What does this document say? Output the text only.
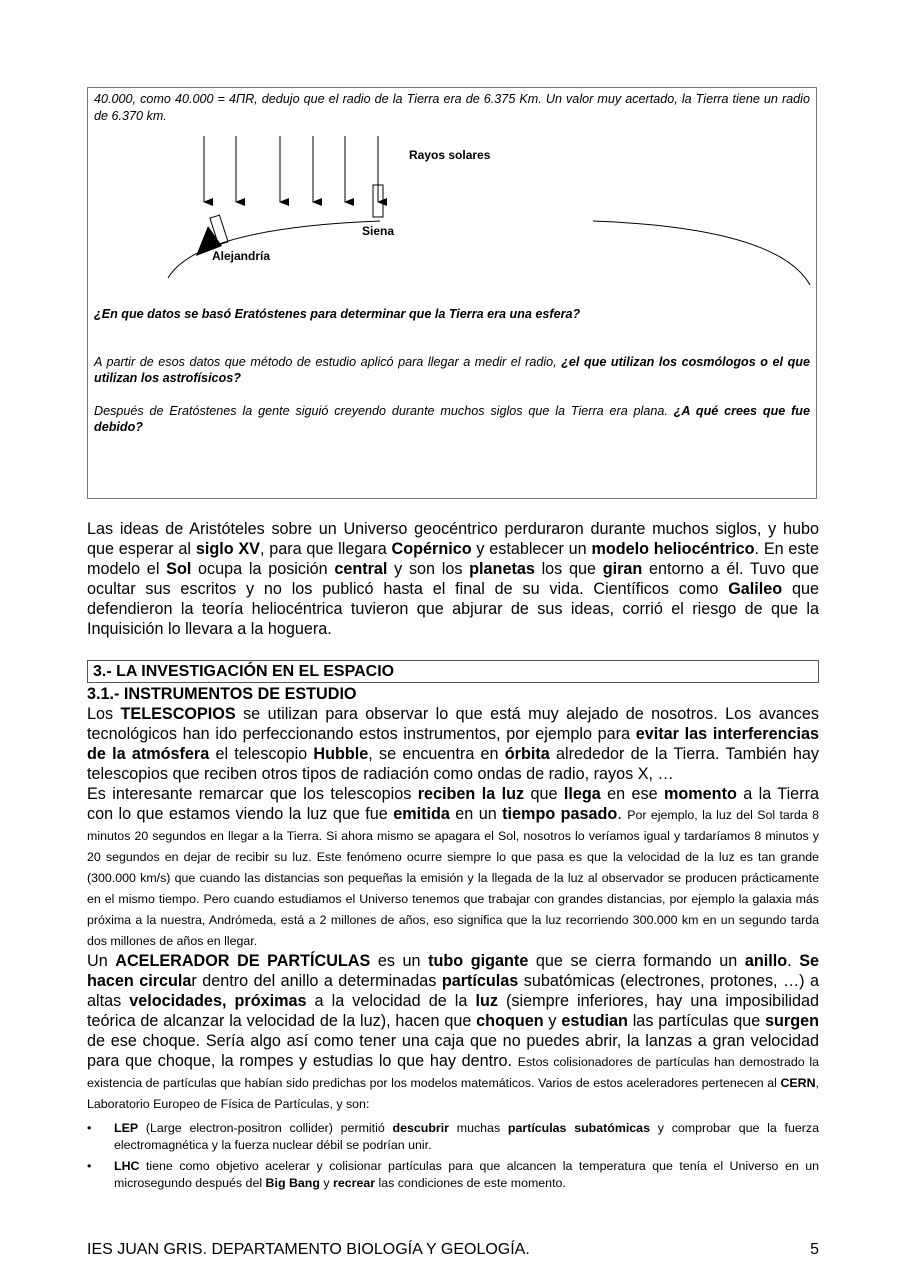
40.000, como 40.000 = 4ΠR, dedujo que el radio de la Tierra era de 6.375 Km. Un valor muy acertado, la Tierra tiene un radio de 6.370 km.
Rayos solares
Siena
Alejandría
¿En que datos se basó Eratóstenes para determinar que la Tierra era una esfera?
A partir de esos datos que método de estudio aplicó para llegar a medir el radio, ¿el que utilizan los cosmólogos o el que utilizan los astrofísicos?
Después de Eratóstenes la gente siguió creyendo durante muchos siglos que la Tierra era plana. ¿A qué crees que fue debido?
Las ideas de Aristóteles sobre un Universo geocéntrico perduraron durante muchos siglos, y hubo que esperar al siglo XV, para que llegara Copérnico y establecer un modelo heliocéntrico. En este modelo el Sol ocupa la posición central y son los planetas los que giran entorno a él. Tuvo que ocultar sus escritos y no los publicó hasta el final de su vida. Científicos como Galileo que defendieron la teoría heliocéntrica tuvieron que abjurar de sus ideas, corrió el riesgo de que la Inquisición lo llevara a la hoguera.
3.- LA INVESTIGACIÓN EN EL ESPACIO
3.1.- INSTRUMENTOS DE ESTUDIO
Los TELESCOPIOS se utilizan para observar lo que está muy alejado de nosotros. Los avances tecnológicos han ido perfeccionando estos instrumentos, por ejemplo para evitar las interferencias de la atmósfera el telescopio Hubble, se encuentra en órbita alrededor de la Tierra. También hay telescopios que reciben otros tipos de radiación como ondas de radio, rayos X, …
Es interesante remarcar que los telescopios reciben la luz que llega en ese momento a la Tierra con lo que estamos viendo la luz que fue emitida en un tiempo pasado. Por ejemplo, la luz del Sol tarda 8 minutos 20 segundos en llegar a la Tierra. Si ahora mismo se apagara el Sol, nosotros lo veríamos igual y tardaríamos 8 minutos y 20 segundos en dejar de recibir su luz. Este fenómeno ocurre siempre lo que pasa es que la velocidad de la luz es tan grande (300.000 km/s) que cuando las distancias son pequeñas la emisión y la llegada de la luz al observador se producen prácticamente en el mismo tiempo. Pero cuando estudiamos el Universo tenemos que trabajar con grandes distancias, por ejemplo la galaxia más próxima a la nuestra, Andrómeda, está a 2 millones de años, eso significa que la luz recorriendo 300.000 km en un segundo tarda dos millones de años en llegar.
Un ACELERADOR DE PARTÍCULAS es un tubo gigante que se cierra formando un anillo. Se hacen circular dentro del anillo a determinadas partículas subatómicas (electrones, protones, …) a altas velocidades, próximas a la velocidad de la luz (siempre inferiores, hay una imposibilidad teórica de alcanzar la velocidad de la luz), hacen que choquen y estudian las partículas que surgen de ese choque. Sería algo así como tener una caja que no puedes abrir, la lanzas a gran velocidad para que choque, la rompes y estudias lo que hay dentro. Estos colisionadores de partículas han demostrado la existencia de partículas que habían sido predichas por los modelos matemáticos. Varios de estos aceleradores pertenecen al CERN, Laboratorio Europeo de Física de Partículas, y son:
• LEP (Large electron-positron collider) permitió descubrir muchas partículas subatómicas y comprobar que la fuerza electromagnética y la fuerza nuclear débil se podrían unir.
• LHC tiene como objetivo acelerar y colisionar partículas para que alcancen la temperatura que tenía el Universo en un microsegundo después del Big Bang y recrear las condiciones de este momento.
IES JUAN GRIS. DEPARTAMENTO BIOLOGÍA Y GEOLOGÍA.	5
